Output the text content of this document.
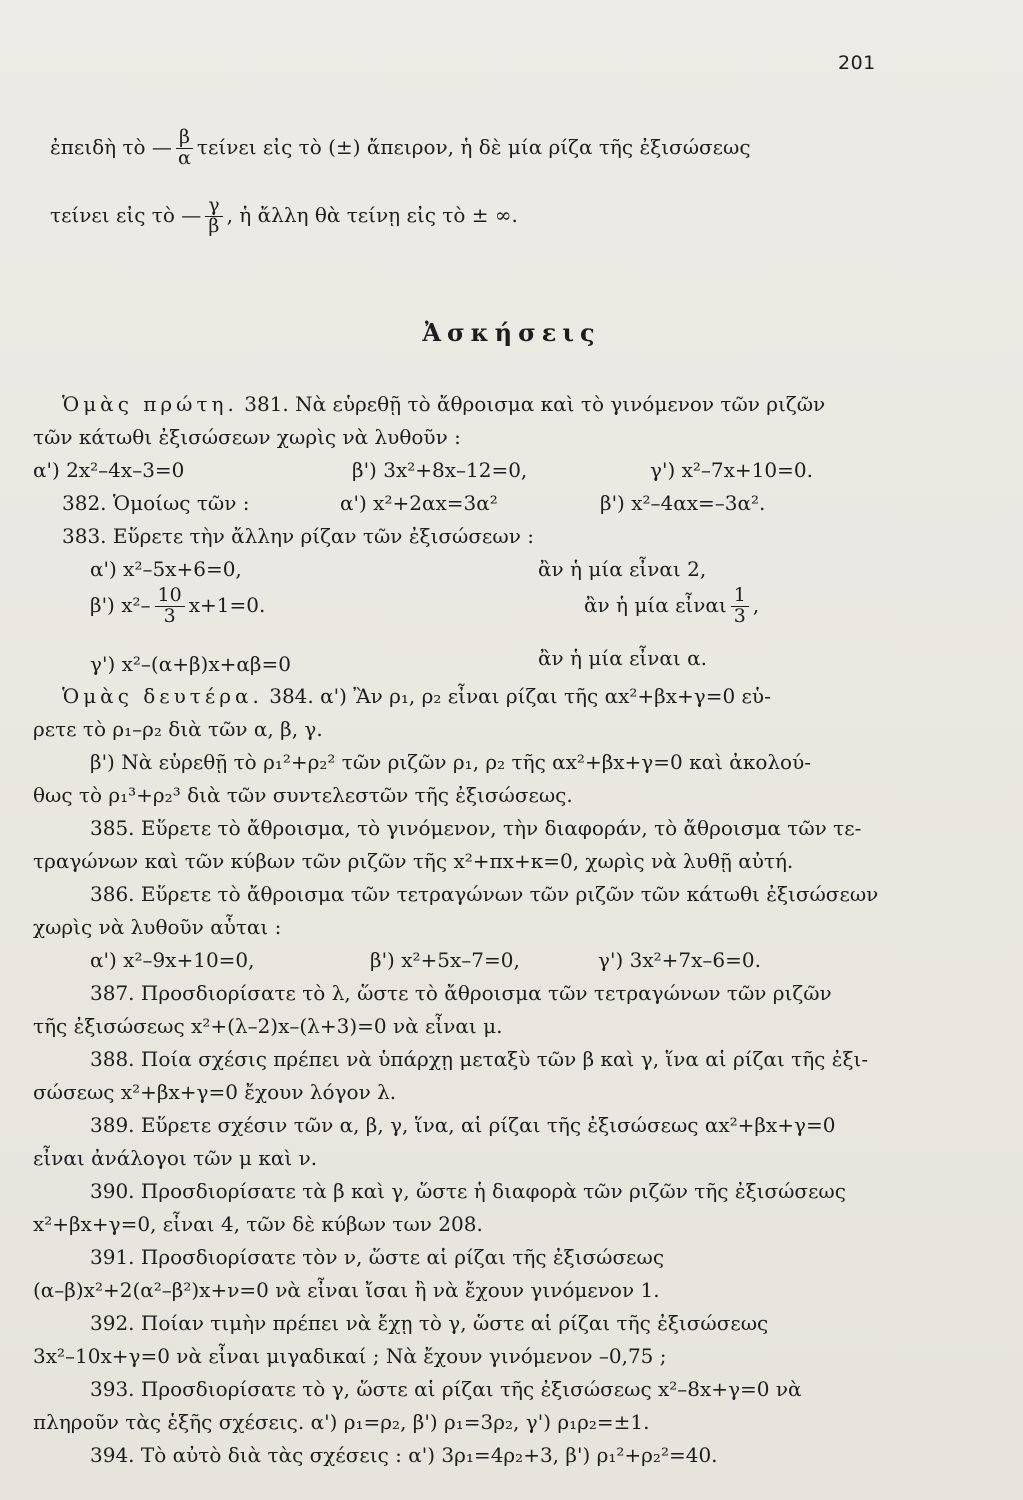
201
ἐπειδὴ τὸ — $\frac{\beta}{\alpha}$ τείνει εἰς τὸ (±) ἄπειρον, ἡ δὲ μία ρίζα τῆς ἐξισώσεως
τείνει εἰς τὸ — $\frac{\gamma}{\beta}$ , ἡ ἄλλη θὰ τείνῃ εἰς τὸ ± ∞.
Ἀσκήσεις
Ὁμὰς πρώτη. 381. Νὰ εὑρεθῇ τὸ ἄθροισμα καὶ τὸ γινόμενον τῶν ριζῶν
τῶν κάτωθι ἐξισώσεων χωρὶς νὰ λυθοῦν :
α') 2x²–4x–3=0	β') 3x²+8x–12=0,	γ') x²–7x+10=0.
382. Ὁμοίως τῶν :	α') x²+2αx=3α²	β') x²–4αx=–3α².
383. Εὕρετε τὴν ἄλλην ρίζαν τῶν ἐξισώσεων :
α') x²–5x+6=0,	ἂν ἡ μία εἶναι 2,
β') $x^2- \frac{10}{3} x+1=0$.	ἂν ἡ μία εἶναι $\frac{1}{3}$ ,
γ') x²–(α+β)x+αβ=0	ἂν ἡ μία εἶναι α.
Ὁμὰς δευτέρα. 384. α') Ἂν ρ₁, ρ₂ εἶναι ρίζαι τῆς αx²+βx+γ=0 εὑ-
ρετε τὸ ρ₁–ρ₂ διὰ τῶν α, β, γ.
β') Νὰ εὑρεθῇ τὸ ρ₁²+ρ₂² τῶν ριζῶν ρ₁, ρ₂ τῆς αx²+βx+γ=0 καὶ ἀκολού-
θως τὸ ρ₁³+ρ₂³ διὰ τῶν συντελεστῶν τῆς ἐξισώσεως.
385. Εὕρετε τὸ ἄθροισμα, τὸ γινόμενον, τὴν διαφοράν, τὸ ἄθροισμα τῶν τε-
τραγώνων καὶ τῶν κύβων τῶν ριζῶν τῆς x²+πx+κ=0, χωρὶς νὰ λυθῇ αὐτή.
386. Εὕρετε τὸ ἄθροισμα τῶν τετραγώνων τῶν ριζῶν τῶν κάτωθι ἐξισώσεων
χωρὶς νὰ λυθοῦν αὗται :
α') x²–9x+10=0,	β') x²+5x–7=0,	γ') 3x²+7x–6=0.
387. Προσδιορίσατε τὸ λ, ὥστε τὸ ἄθροισμα τῶν τετραγώνων τῶν ριζῶν
τῆς ἐξισώσεως x²+(λ–2)x–(λ+3)=0 νὰ εἶναι μ.
388. Ποία σχέσις πρέπει νὰ ὑπάρχῃ μεταξὺ τῶν β καὶ γ, ἵνα αἱ ρίζαι τῆς ἐξι-
σώσεως x²+βx+γ=0 ἔχουν λόγον λ.
389. Εὕρετε σχέσιν τῶν α, β, γ, ἵνα, αἱ ρίζαι τῆς ἐξισώσεως αx²+βx+γ=0
εἶναι ἀνάλογοι τῶν μ καὶ ν.
390. Προσδιορίσατε τὰ β καὶ γ, ὥστε ἡ διαφορὰ τῶν ριζῶν τῆς ἐξισώσεως
x²+βx+γ=0, εἶναι 4, τῶν δὲ κύβων των 208.
391. Προσδιορίσατε τὸν ν, ὥστε αἱ ρίζαι τῆς ἐξισώσεως
(α–β)x²+2(α²–β²)x+ν=0 νὰ εἶναι ἴσαι ἢ νὰ ἔχουν γινόμενον 1.
392. Ποίαν τιμὴν πρέπει νὰ ἔχῃ τὸ γ, ὥστε αἱ ρίζαι τῆς ἐξισώσεως
3x²–10x+γ=0 νὰ εἶναι μιγαδικαί ; Νὰ ἔχουν γινόμενον –0,75 ;
393. Προσδιορίσατε τὸ γ, ὥστε αἱ ρίζαι τῆς ἐξισώσεως x²–8x+γ=0 νὰ
πληροῦν τὰς ἑξῆς σχέσεις. α') ρ₁=ρ₂, β') ρ₁=3ρ₂, γ') ρ₁ρ₂=±1.
394. Τὸ αὐτὸ διὰ τὰς σχέσεις : α') 3ρ₁=4ρ₂+3, β') ρ₁²+ρ₂²=40.
